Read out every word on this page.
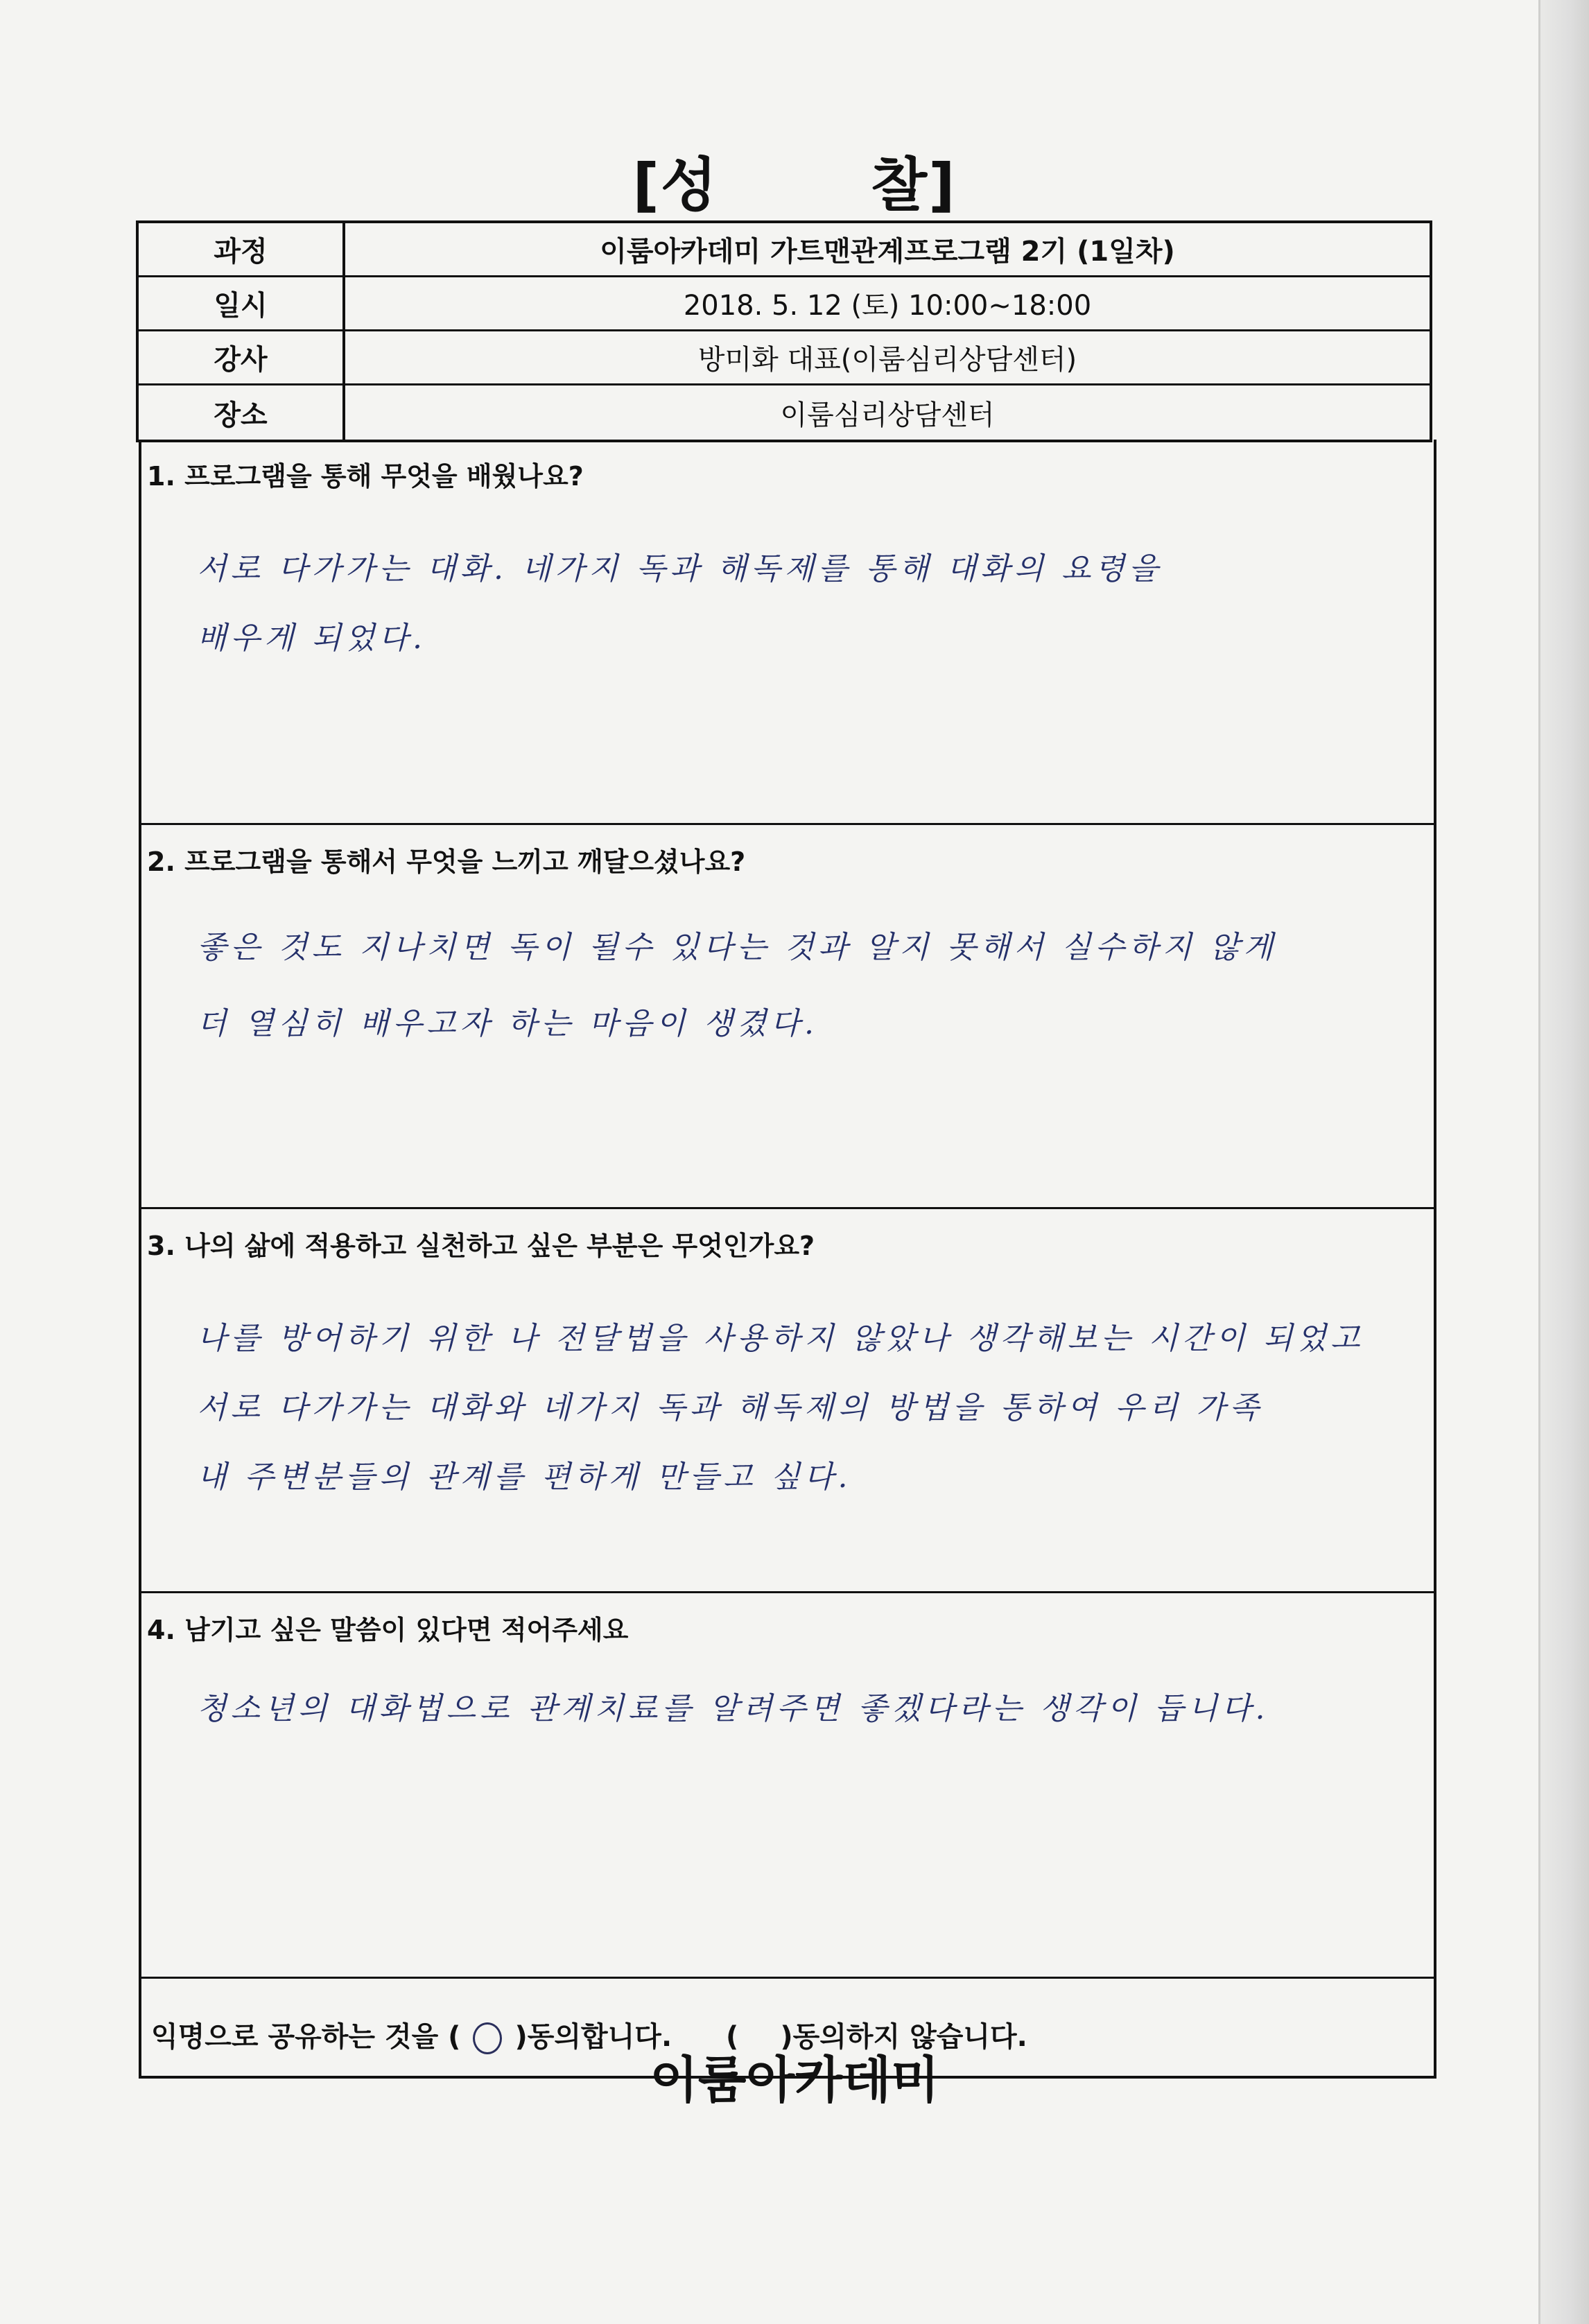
[성	찰]
과정	이룸아카데미 가트맨관계프로그램 2기 (1일차)
일시	2018. 5. 12 (토) 10:00~18:00
강사	방미화 대표(이룸심리상담센터)
장소	이룸심리상담센터
1. 프로그램을 통해 무엇을 배웠나요?
서로 다가가는 대화. 네가지 독과 해독제를 통해 대화의 요령을
배우게 되었다.
2. 프로그램을 통해서 무엇을 느끼고 깨달으셨나요?
좋은 것도 지나치면 독이 될수 있다는 것과 알지 못해서 실수하지 않게
더 열심히 배우고자 하는 마음이 생겼다.
3. 나의 삶에 적용하고 실천하고 싶은 부분은 무엇인가요?
나를 방어하기 위한 나 전달법을 사용하지 않았나 생각해보는 시간이 되었고
서로 다가가는 대화와 네가지 독과 해독제의 방법을 통하여 우리 가족
내 주변분들의 관계를 편하게 만들고 싶다.
4. 남기고 싶은 말씀이 있다면 적어주세요
청소년의 대화법으로 관계치료를 알려주면 좋겠다라는 생각이 듭니다.
익명으로 공유하는 것을 ( ○ )동의합니다. ( )동의하지 않습니다.
이룸아카데미
